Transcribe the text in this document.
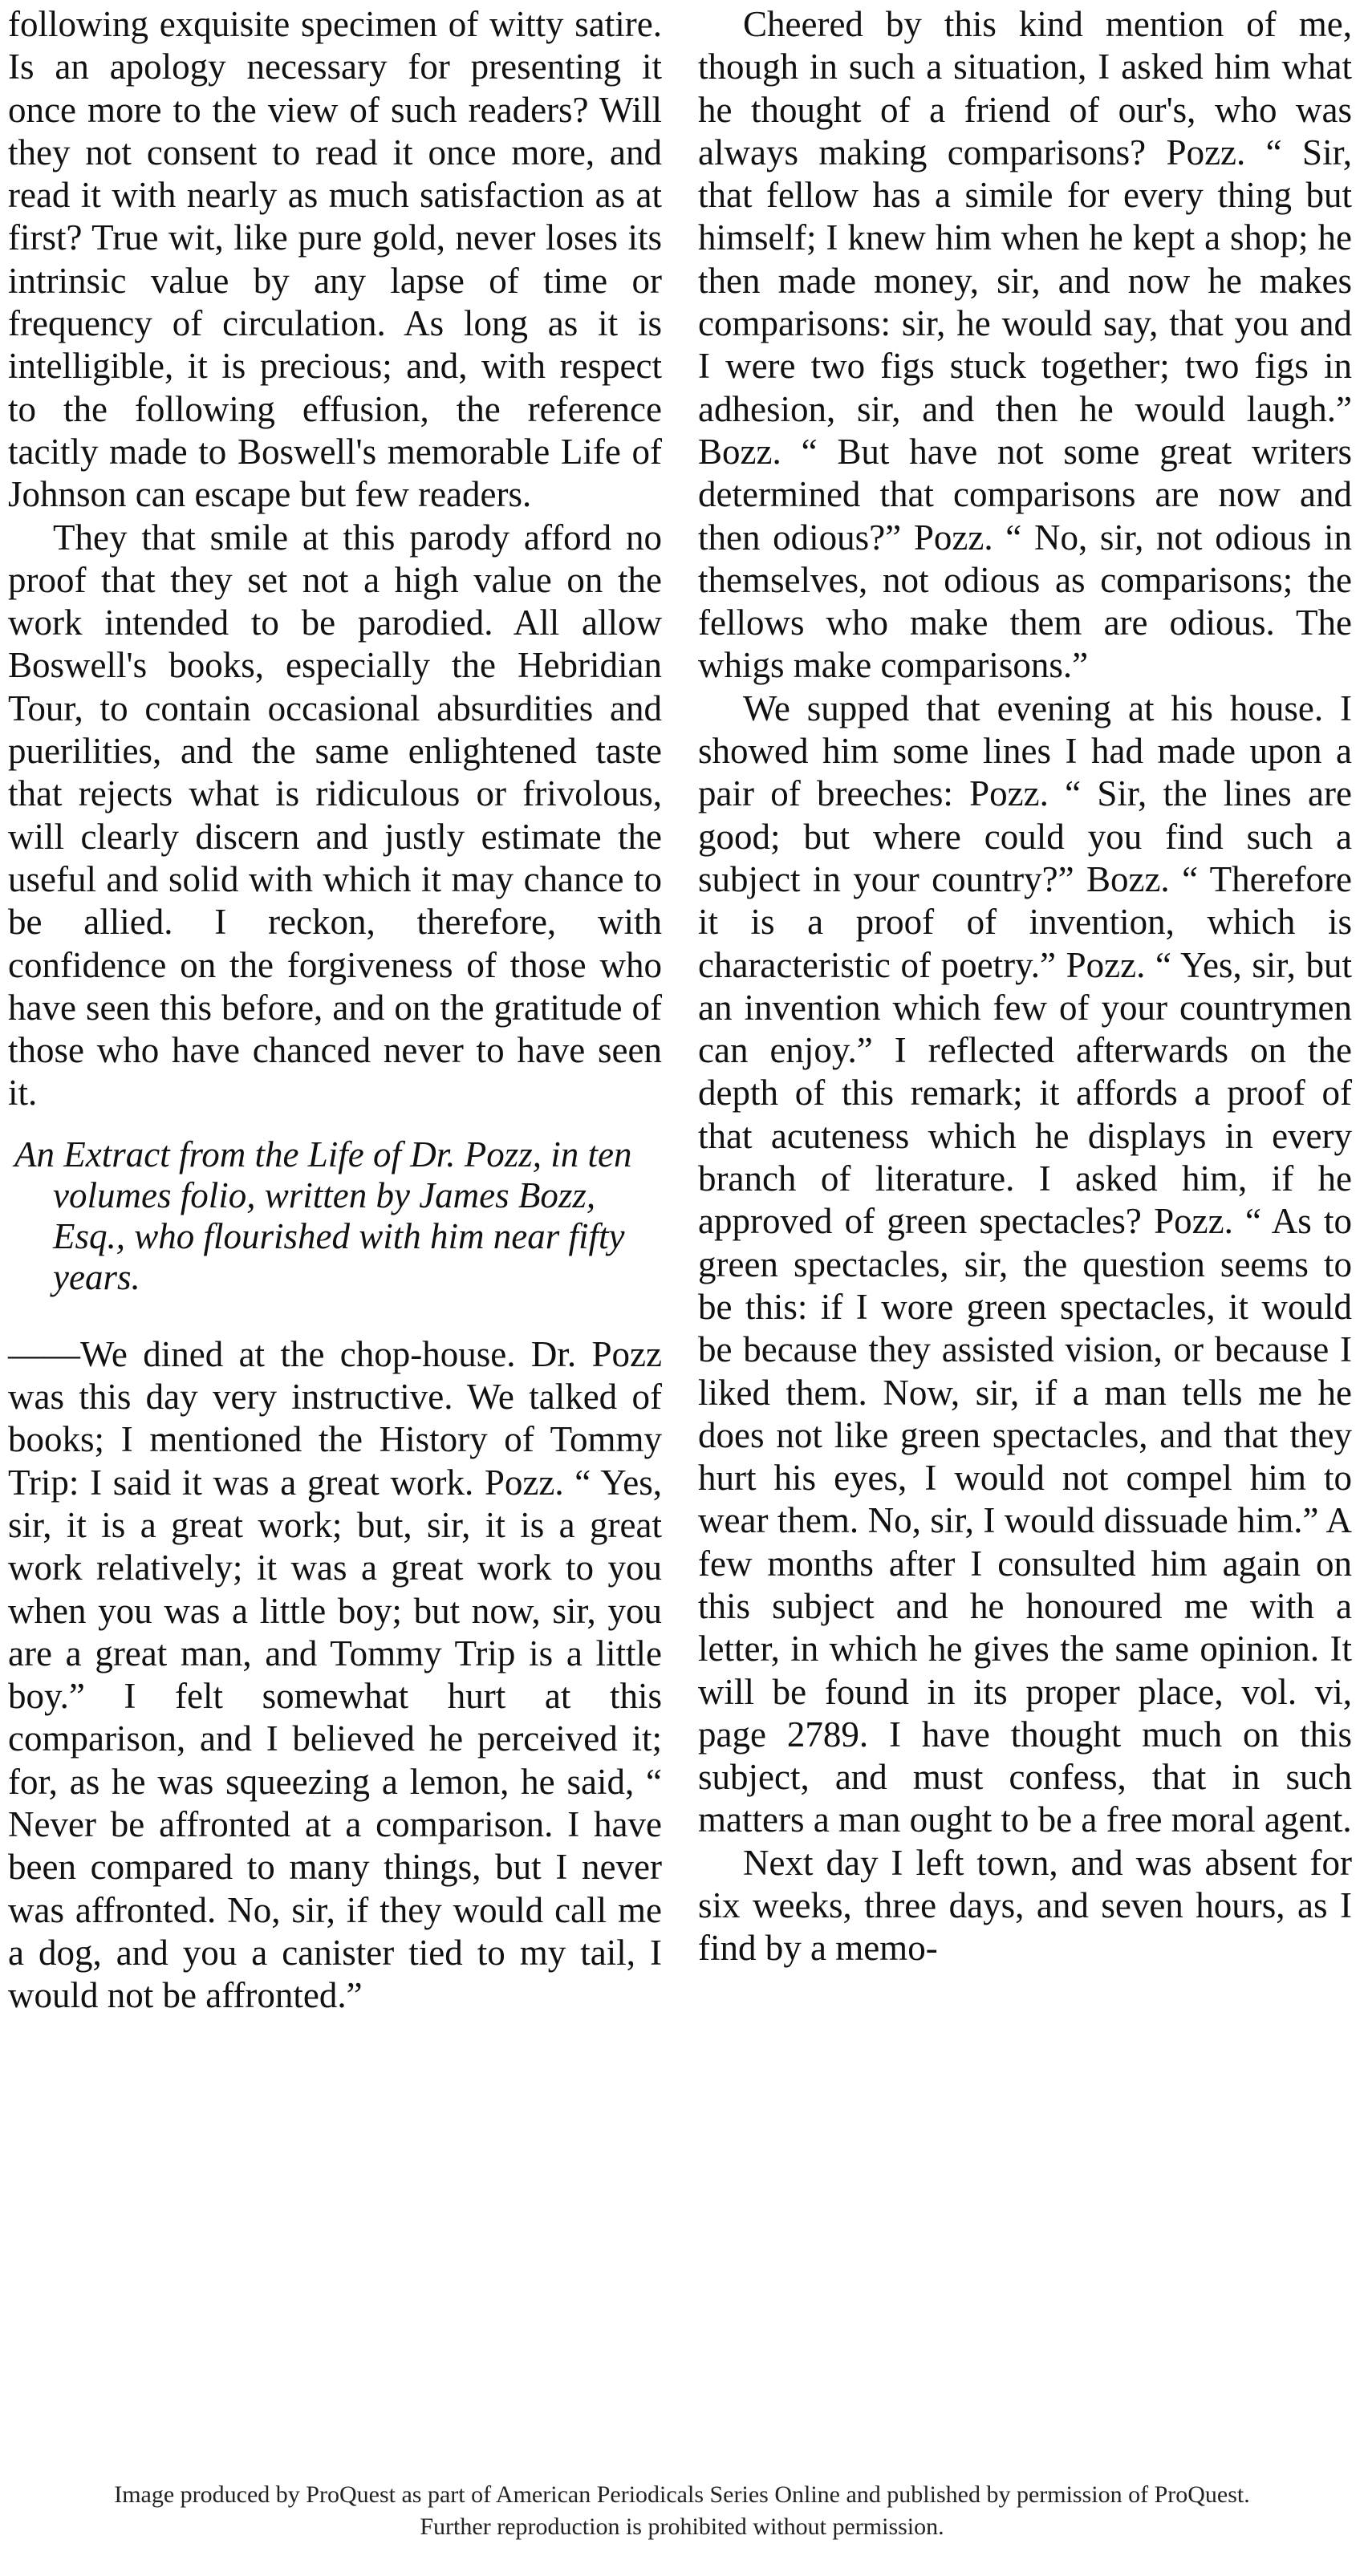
following exquisite specimen of witty satire. Is an apology necessary for presenting it once more to the view of such readers? Will they not consent to read it once more, and read it with nearly as much satisfaction as at first? True wit, like pure gold, never loses its intrinsic value by any lapse of time or frequency of circulation. As long as it is intelligible, it is precious; and, with respect to the following effusion, the reference tacitly made to Boswell's memorable Life of Johnson can escape but few readers.

They that smile at this parody afford no proof that they set not a high value on the work intended to be parodied. All allow Boswell's books, especially the Hebridian Tour, to contain occasional absurdities and puerilities, and the same enlightened taste that rejects what is ridiculous or frivolous, will clearly discern and justly estimate the useful and solid with which it may chance to be allied. I reckon, therefore, with confidence on the forgiveness of those who have seen this before, and on the gratitude of those who have chanced never to have seen it.

An Extract from the Life of Dr. Pozz, in ten volumes folio, written by James Bozz, Esq., who flourished with him near fifty years.

——We dined at the chop-house. Dr. Pozz was this day very instructive. We talked of books; I mentioned the History of Tommy Trip: I said it was a great work. Pozz. “ Yes, sir, it is a great work; but, sir, it is a great work relatively; it was a great work to you when you was a little boy; but now, sir, you are a great man, and Tommy Trip is a little boy.” I felt somewhat hurt at this comparison, and I believed he perceived it; for, as he was squeezing a lemon, he said, “ Never be affronted at a comparison. I have been compared to many things, but I never was affronted. No, sir, if they would call me a dog, and you a canister tied to my tail, I would not be affronted.”

Cheered by this kind mention of me, though in such a situation, I asked him what he thought of a friend of our's, who was always making comparisons? Pozz. “ Sir, that fellow has a simile for every thing but himself; I knew him when he kept a shop; he then made money, sir, and now he makes comparisons: sir, he would say, that you and I were two figs stuck together; two figs in adhesion, sir, and then he would laugh.” Bozz. “ But have not some great writers determined that comparisons are now and then odious?” Pozz. “ No, sir, not odious in themselves, not odious as comparisons; the fellows who make them are odious. The whigs make comparisons.”

We supped that evening at his house. I showed him some lines I had made upon a pair of breeches: Pozz. “ Sir, the lines are good; but where could you find such a subject in your country?” Bozz. “ Therefore it is a proof of invention, which is characteristic of poetry.” Pozz. “ Yes, sir, but an invention which few of your countrymen can enjoy.” I reflected afterwards on the depth of this remark; it affords a proof of that acuteness which he displays in every branch of literature. I asked him, if he approved of green spectacles? Pozz. “ As to green spectacles, sir, the question seems to be this: if I wore green spectacles, it would be because they assisted vision, or because I liked them. Now, sir, if a man tells me he does not like green spectacles, and that they hurt his eyes, I would not compel him to wear them. No, sir, I would dissuade him.” A few months after I consulted him again on this subject and he honoured me with a letter, in which he gives the same opinion. It will be found in its proper place, vol. vi, page 2789. I have thought much on this subject, and must confess, that in such matters a man ought to be a free moral agent.

Next day I left town, and was absent for six weeks, three days, and seven hours, as I find by a memo-

Image produced by ProQuest as part of American Periodicals Series Online and published by permission of ProQuest.
Further reproduction is prohibited without permission.
